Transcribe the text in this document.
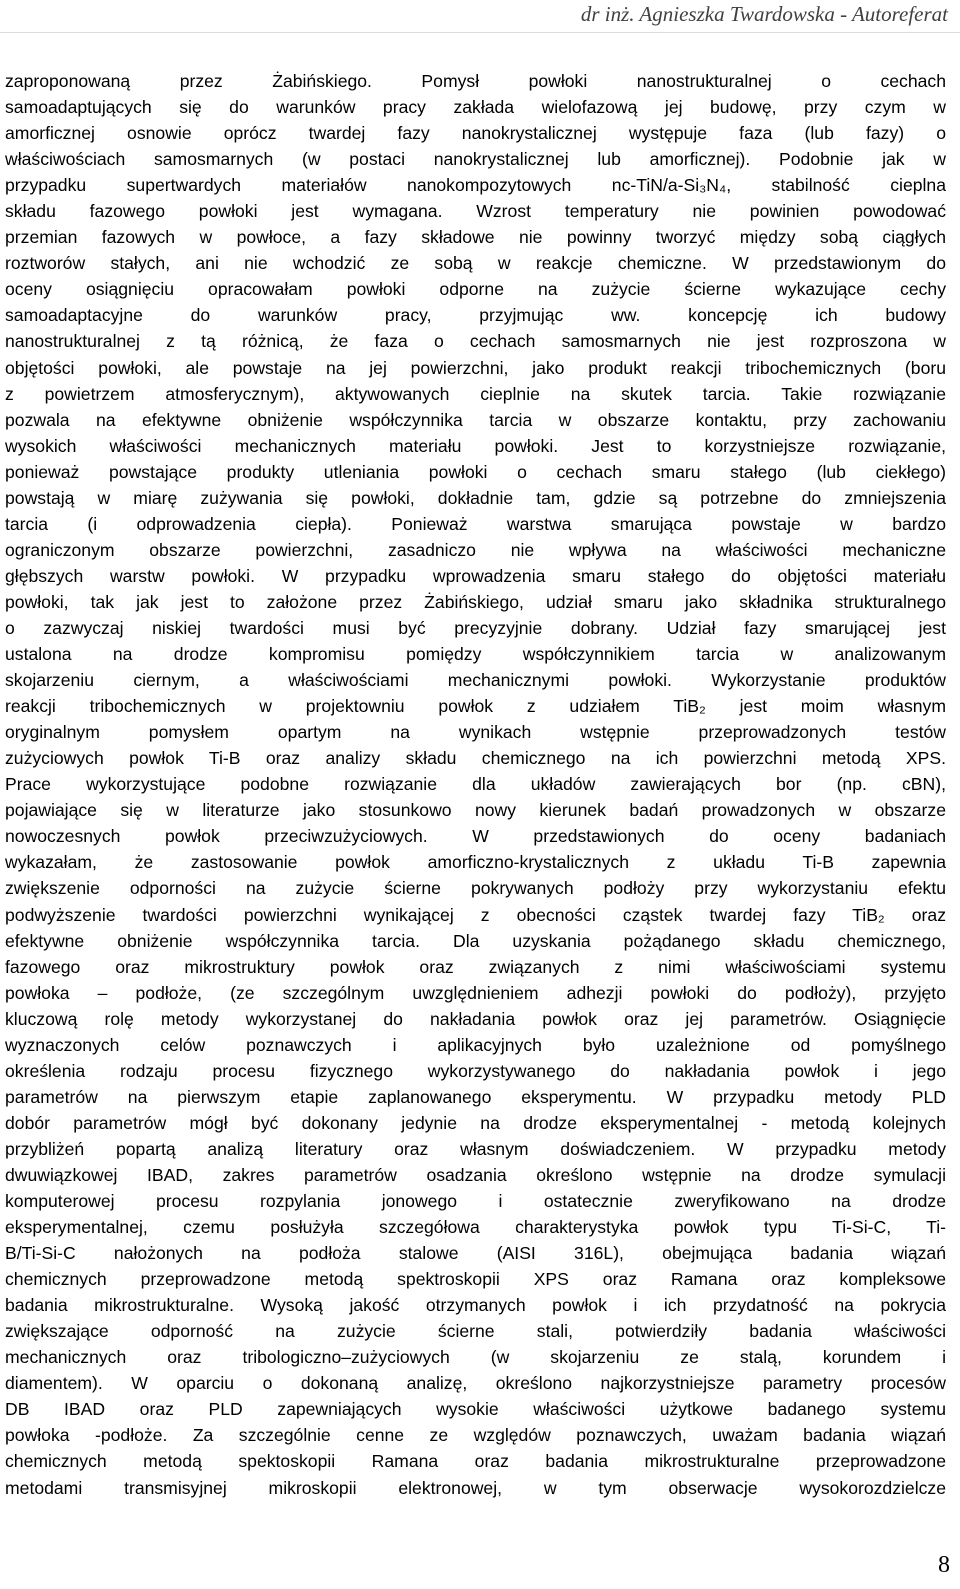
dr inż. Agnieszka Twardowska - Autoreferat
zaproponowaną przez Żabińskiego. Pomysł powłoki nanostrukturalnej o cechach
samoadaptujących się do warunków pracy zakłada wielofazową jej budowę, przy czym w
amorficznej osnowie oprócz twardej fazy nanokrystalicznej występuje faza (lub fazy) o
właściwościach samosmarnych (w postaci nanokrystalicznej lub amorficznej). Podobnie jak w
przypadku supertwardych materiałów nanokompozytowych nc-TiN/a-Si₃N₄, stabilność cieplna
składu fazowego powłoki jest wymagana. Wzrost temperatury nie powinien powodować
przemian fazowych w powłoce, a fazy składowe nie powinny tworzyć między sobą ciągłych
roztworów stałych, ani nie wchodzić ze sobą w reakcje chemiczne. W przedstawionym do
oceny osiągnięciu opracowałam powłoki odporne na zużycie ścierne wykazujące cechy
samoadaptacyjne do warunków pracy, przyjmując ww. koncepcję ich budowy
nanostrukturalnej z tą różnicą, że faza o cechach samosmarnych nie jest rozproszona w
objętości powłoki, ale powstaje na jej powierzchni, jako produkt reakcji tribochemicznych (boru
z powietrzem atmosferycznym), aktywowanych cieplnie na skutek tarcia. Takie rozwiązanie
pozwala na efektywne obniżenie współczynnika tarcia w obszarze kontaktu, przy zachowaniu
wysokich właściwości mechanicznych materiału powłoki. Jest to korzystniejsze rozwiązanie,
ponieważ powstające produkty utleniania powłoki o cechach smaru stałego (lub ciekłego)
powstają w miarę zużywania się powłoki, dokładnie tam, gdzie są potrzebne do zmniejszenia
tarcia (i odprowadzenia ciepła). Ponieważ warstwa smarująca powstaje w bardzo
ograniczonym obszarze powierzchni, zasadniczo nie wpływa na właściwości mechaniczne
głębszych warstw powłoki. W przypadku wprowadzenia smaru stałego do objętości materiału
powłoki, tak jak jest to założone przez Żabińskiego, udział smaru jako składnika strukturalnego
o zazwyczaj niskiej twardości musi być precyzyjnie dobrany. Udział fazy smarującej jest
ustalona na drodze kompromisu pomiędzy współczynnikiem tarcia w analizowanym
skojarzeniu ciernym, a właściwościami mechanicznymi powłoki. Wykorzystanie produktów
reakcji tribochemicznych w projektowniu powłok z udziałem TiB₂ jest moim własnym
oryginalnym pomysłem opartym na wynikach wstępnie przeprowadzonych testów
zużyciowych powłok Ti-B oraz analizy składu chemicznego na ich powierzchni metodą XPS.
Prace wykorzystujące podobne rozwiązanie dla układów zawierających bor (np. cBN),
pojawiające się w literaturze jako stosunkowo nowy kierunek badań prowadzonych w obszarze
nowoczesnych powłok przeciwzużyciowych. W przedstawionych do oceny badaniach
wykazałam, że zastosowanie powłok amorficzno-krystalicznych z układu Ti-B zapewnia
zwiększenie odporności na zużycie ścierne pokrywanych podłoży przy wykorzystaniu efektu
podwyższenie twardości powierzchni wynikającej z obecności cząstek twardej fazy TiB₂ oraz
efektywne obniżenie współczynnika tarcia. Dla uzyskania pożądanego składu chemicznego,
fazowego oraz mikrostruktury powłok oraz związanych z nimi właściwościami systemu
powłoka – podłoże, (ze szczególnym uwzględnieniem adhezji powłoki do podłoży), przyjęto
kluczową rolę metody wykorzystanej do nakładania powłok oraz jej parametrów. Osiągnięcie
wyznaczonych celów poznawczych i aplikacyjnych było uzależnione od pomyślnego
określenia rodzaju procesu fizycznego wykorzystywanego do nakładania powłok i jego
parametrów na pierwszym etapie zaplanowanego eksperymentu. W przypadku metody PLD
dobór parametrów mógł być dokonany jedynie na drodze eksperymentalnej - metodą kolejnych
przybliżeń popartą analizą literatury oraz własnym doświadczeniem. W przypadku metody
dwuwiązkowej IBAD, zakres parametrów osadzania określono wstępnie na drodze symulacji
komputerowej procesu rozpylania jonowego i ostatecznie zweryfikowano na drodze
eksperymentalnej, czemu posłużyła szczegółowa charakterystyka powłok typu Ti-Si-C, Ti-
B/Ti-Si-C nałożonych na podłoża stalowe (AISI 316L), obejmująca badania wiązań
chemicznych przeprowadzone metodą spektroskopii XPS oraz Ramana oraz kompleksowe
badania mikrostrukturalne. Wysoką jakość otrzymanych powłok i ich przydatność na pokrycia
zwiększające odporność na zużycie ścierne stali, potwierdziły badania właściwości
mechanicznych oraz tribologiczno–zużyciowych (w skojarzeniu ze stalą, korundem i
diamentem). W oparciu o dokonaną analizę, określono najkorzystniejsze parametry procesów
DB IBAD oraz PLD zapewniających wysokie właściwości użytkowe badanego systemu
powłoka -podłoże. Za szczególnie cenne ze względów poznawczych, uważam badania wiązań
chemicznych metodą spektoskopii Ramana oraz badania mikrostrukturalne przeprowadzone
metodami transmisyjnej mikroskopii elektronowej, w tym obserwacje wysokorozdzielcze
8
